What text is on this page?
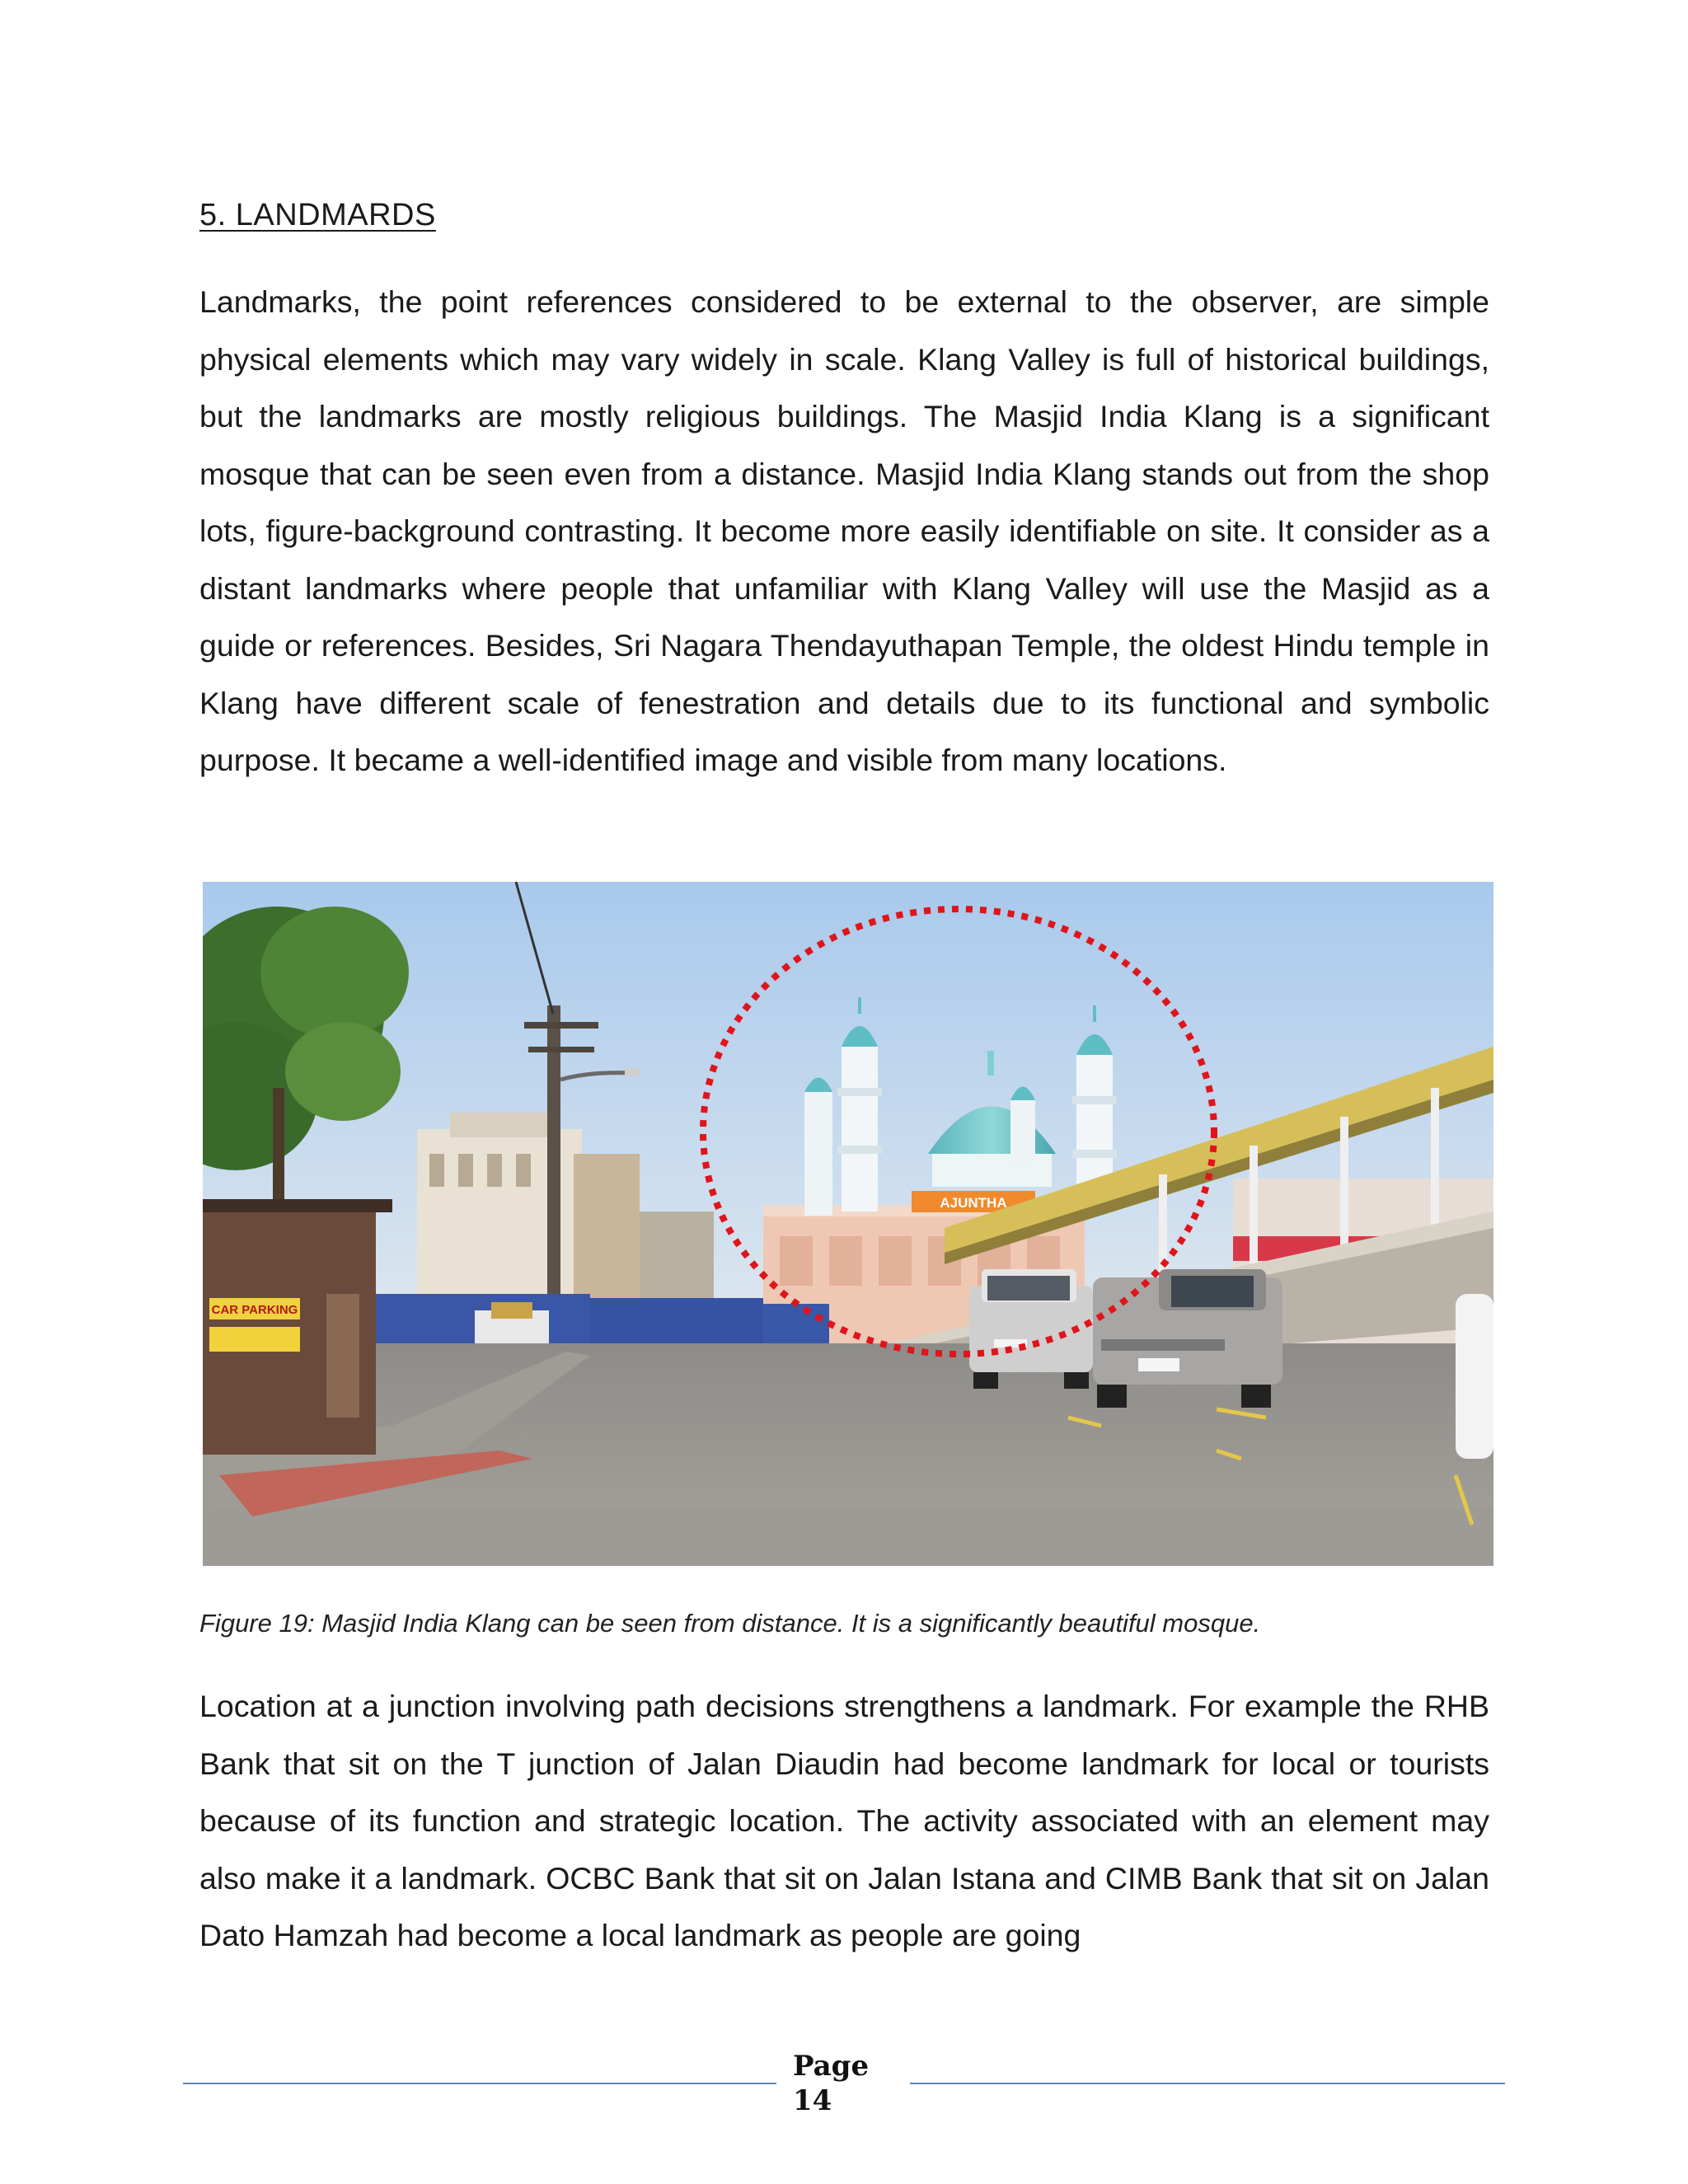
5. LANDMARDS
Landmarks, the point references considered to be external to the observer, are simple physical elements which may vary widely in scale. Klang Valley is full of historical buildings, but the landmarks are mostly religious buildings. The Masjid India Klang is a significant mosque that can be seen even from a distance. Masjid India Klang stands out from the shop lots, figure-background contrasting. It become more easily identifiable on site. It consider as a distant landmarks where people that unfamiliar with Klang Valley will use the Masjid as a guide or references. Besides, Sri Nagara Thendayuthapan Temple, the oldest Hindu temple in Klang have different scale of fenestration and details due to its functional and symbolic purpose. It became a well-identified image and visible from many locations.
AJUNTHA
CAR PARKING
Figure 19: Masjid India Klang can be seen from distance. It is a significantly beautiful mosque.
Location at a junction involving path decisions strengthens a landmark. For example the RHB Bank that sit on the T junction of Jalan Diaudin had become landmark for local or tourists because of its function and strategic location. The activity associated with an element may also make it a landmark. OCBC Bank that sit on Jalan Istana and CIMB Bank that sit on Jalan Dato Hamzah had become a local landmark as people are going
Page
14
